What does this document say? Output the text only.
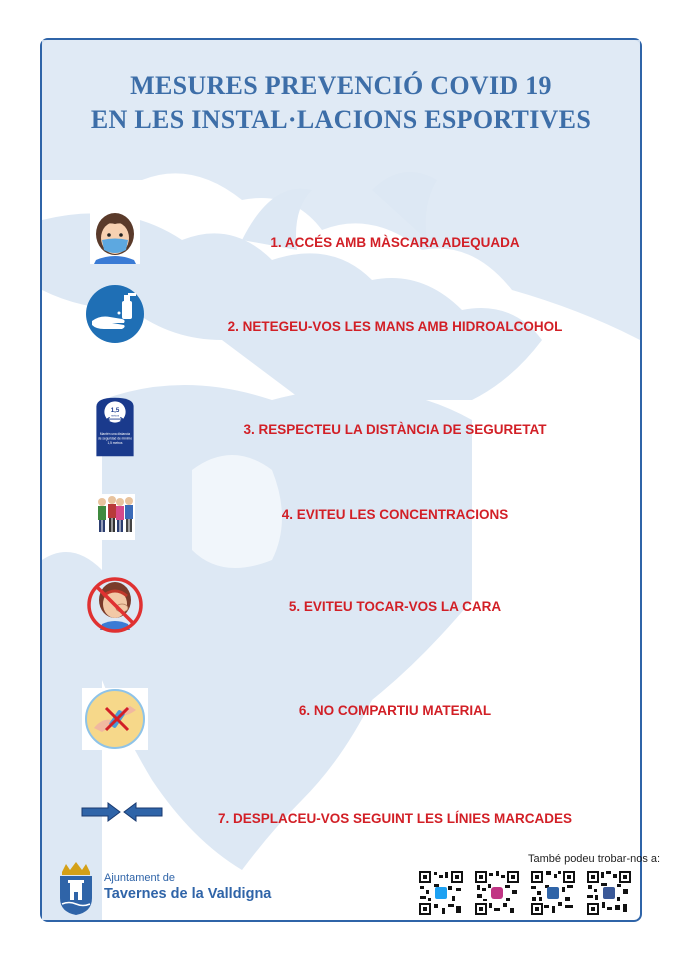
MESURES PREVENCIÓ COVID 19
EN LES INSTAL·LACIONS ESPORTIVES
1. ACCÉS AMB MÀSCARA ADEQUADA
2. NETEGEU-VOS LES MANS AMB HIDROALCOHOL
1,5
metros
Mantén una distancia
de seguridad de mínimo
1,5 metros
3. RESPECTEU LA DISTÀNCIA DE SEGURETAT
4. EVITEU LES CONCENTRACIONS
5. EVITEU TOCAR-VOS LA CARA
6. NO COMPARTIU MATERIAL
7. DESPLACEU-VOS SEGUINT LES LÍNIES MARCADES
Ajuntament de
Tavernes de la Valldigna
També podeu trobar-nos a:
